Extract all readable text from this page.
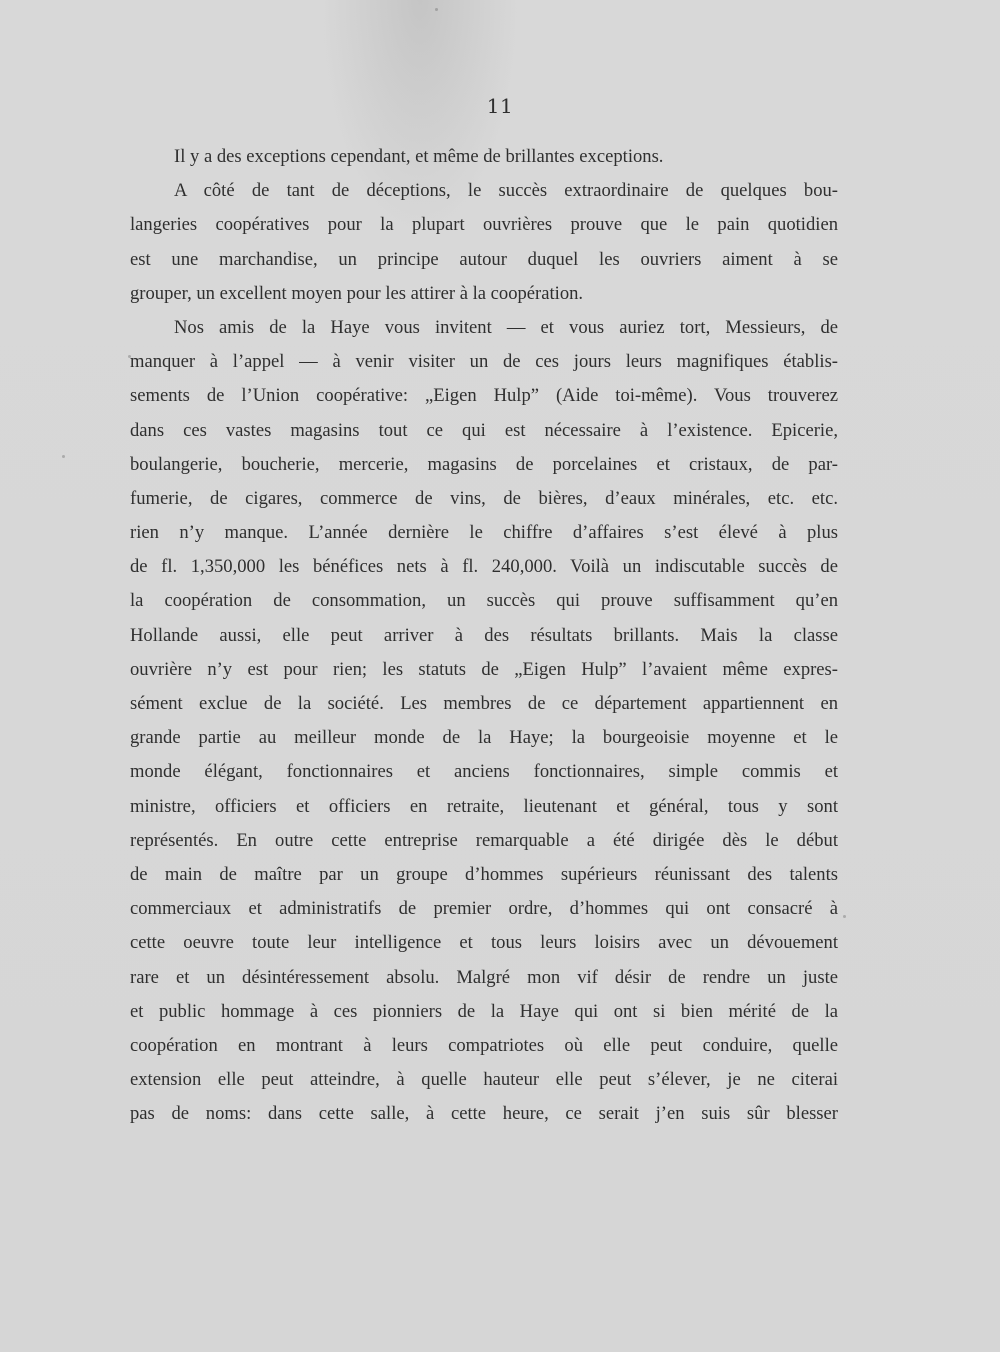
11
Il y a des exceptions cependant, et même de brillantes exceptions.
A côté de tant de déceptions, le succès extraordinaire de quelques bou-
langeries coopératives pour la plupart ouvrières prouve que le pain quotidien
est une marchandise, un principe autour duquel les ouvriers aiment à se
grouper, un excellent moyen pour les attirer à la coopération.
Nos amis de la Haye vous invitent — et vous auriez tort, Messieurs, de
manquer à l’appel — à venir visiter un de ces jours leurs magnifiques établis-
sements de l’Union coopérative: „Eigen Hulp” (Aide toi-même). Vous trouverez
dans ces vastes magasins tout ce qui est nécessaire à l’existence. Epicerie,
boulangerie, boucherie, mercerie, magasins de porcelaines et cristaux, de par-
fumerie, de cigares, commerce de vins, de bières, d’eaux minérales, etc. etc.
rien n’y manque. L’année dernière le chiffre d’affaires s’est élevé à plus
de fl. 1,350,000 les bénéfices nets à fl. 240,000. Voilà un indiscutable succès de
la coopération de consommation, un succès qui prouve suffisamment qu’en
Hollande aussi, elle peut arriver à des résultats brillants. Mais la classe
ouvrière n’y est pour rien; les statuts de „Eigen Hulp” l’avaient même expres-
sément exclue de la société. Les membres de ce département appartiennent en
grande partie au meilleur monde de la Haye; la bourgeoisie moyenne et le
monde élégant, fonctionnaires et anciens fonctionnaires, simple commis et
ministre, officiers et officiers en retraite, lieutenant et général, tous y sont
représentés. En outre cette entreprise remarquable a été dirigée dès le début
de main de maître par un groupe d’hommes supérieurs réunissant des talents
commerciaux et administratifs de premier ordre, d’hommes qui ont consacré à
cette oeuvre toute leur intelligence et tous leurs loisirs avec un dévouement
rare et un désintéressement absolu. Malgré mon vif désir de rendre un juste
et public hommage à ces pionniers de la Haye qui ont si bien mérité de la
coopération en montrant à leurs compatriotes où elle peut conduire, quelle
extension elle peut atteindre, à quelle hauteur elle peut s’élever, je ne citerai
pas de noms: dans cette salle, à cette heure, ce serait j’en suis sûr blesser
